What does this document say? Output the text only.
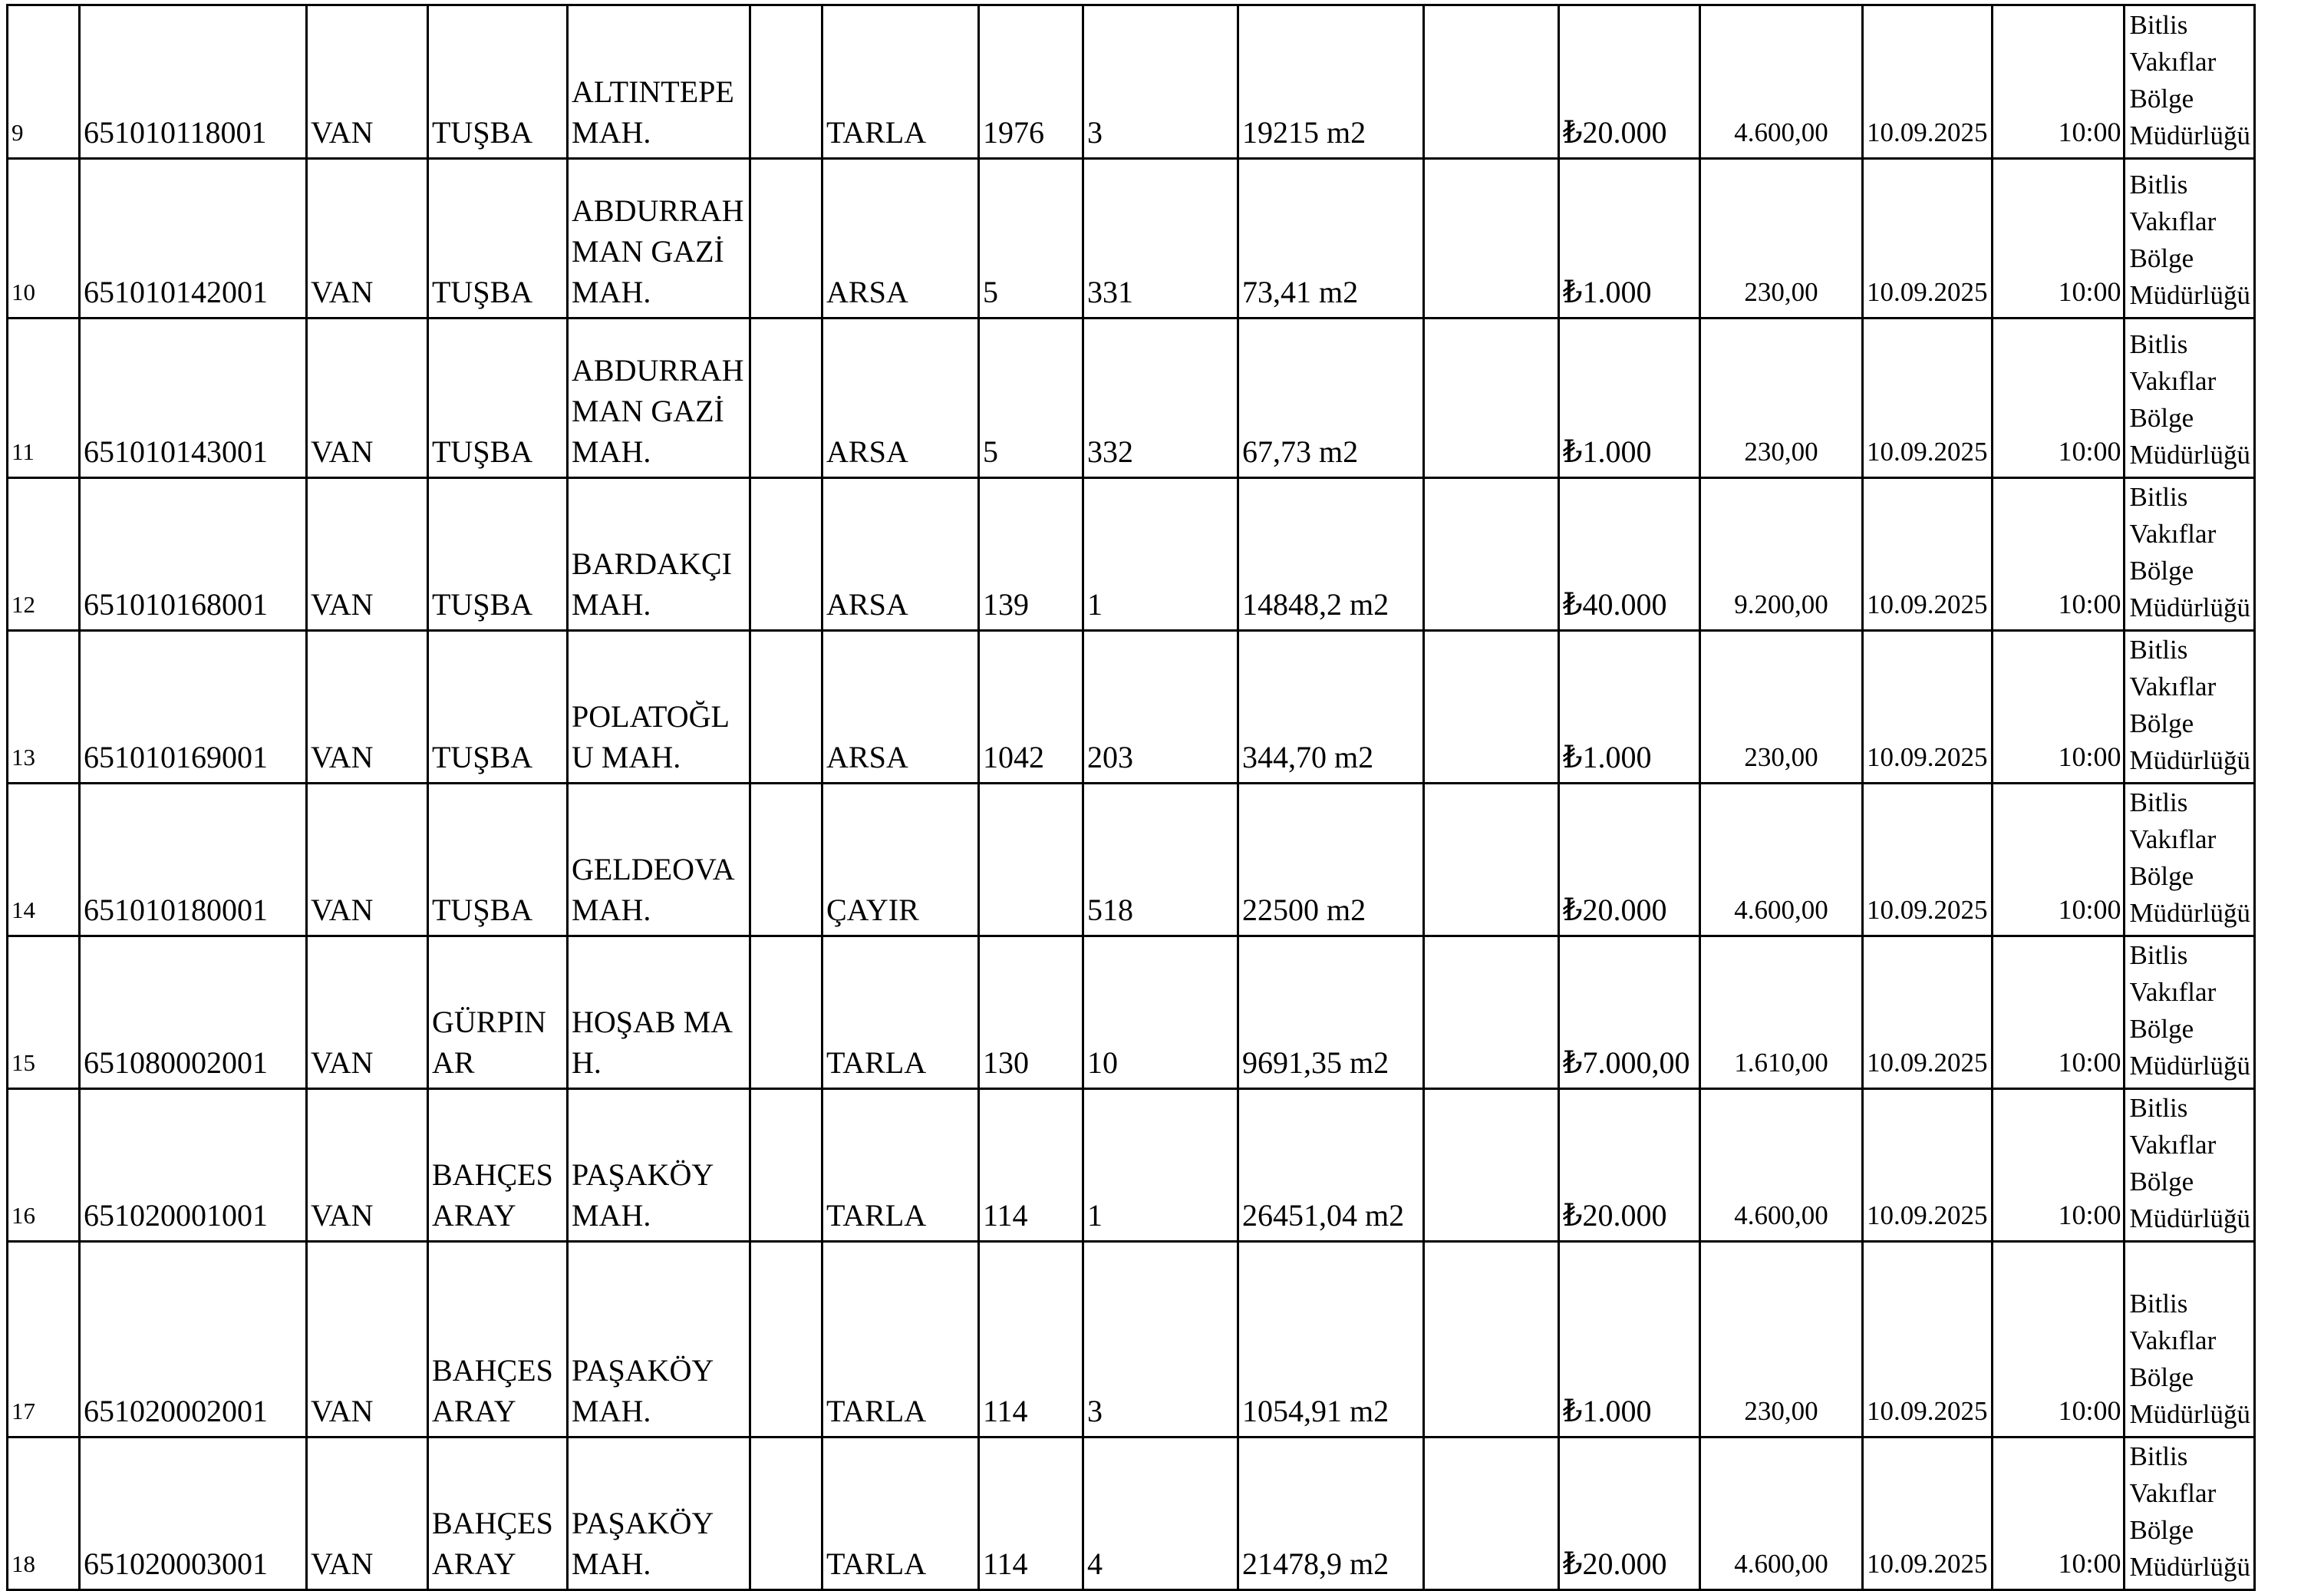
9	651010118001	VAN	TUŞBA	ALTINTEPE MAH.		TARLA	1976	3	19215 m2		₺20.000	4.600,00	10.09.2025	10:00	Bitlis
Vakıflar
Bölge
Müdürlüğü

10	651010142001	VAN	TUŞBA	ABDURRAHMAN GAZİ MAH.		ARSA	5	331	73,41 m2		₺1.000	230,00	10.09.2025	10:00	Bitlis
Vakıflar
Bölge
Müdürlüğü

11	651010143001	VAN	TUŞBA	ABDURRAHMAN GAZİ MAH.		ARSA	5	332	67,73 m2		₺1.000	230,00	10.09.2025	10:00	Bitlis
Vakıflar
Bölge
Müdürlüğü

12	651010168001	VAN	TUŞBA	BARDAKÇI MAH.		ARSA	139	1	14848,2 m2		₺40.000	9.200,00	10.09.2025	10:00	Bitlis
Vakıflar
Bölge
Müdürlüğü

13	651010169001	VAN	TUŞBA	POLATOĞLU MAH.		ARSA	1042	203	344,70 m2		₺1.000	230,00	10.09.2025	10:00	Bitlis
Vakıflar
Bölge
Müdürlüğü

14	651010180001	VAN	TUŞBA	GELDEOVA MAH.		ÇAYIR		518	22500 m2		₺20.000	4.600,00	10.09.2025	10:00	Bitlis
Vakıflar
Bölge
Müdürlüğü

15	651080002001	VAN	GÜRPINAR	HOŞAB MAH.		TARLA	130	10	9691,35 m2		₺7.000,00	1.610,00	10.09.2025	10:00	Bitlis
Vakıflar
Bölge
Müdürlüğü

16	651020001001	VAN	BAHÇESARAY	PAŞAKÖY MAH.		TARLA	114	1	26451,04 m2		₺20.000	4.600,00	10.09.2025	10:00	Bitlis
Vakıflar
Bölge
Müdürlüğü

17	651020002001	VAN	BAHÇESARAY	PAŞAKÖY MAH.		TARLA	114	3	1054,91 m2		₺1.000	230,00	10.09.2025	10:00	Bitlis
Vakıflar
Bölge
Müdürlüğü

18	651020003001	VAN	BAHÇESARAY	PAŞAKÖY MAH.		TARLA	114	4	21478,9 m2		₺20.000	4.600,00	10.09.2025	10:00	Bitlis
Vakıflar
Bölge
Müdürlüğü
